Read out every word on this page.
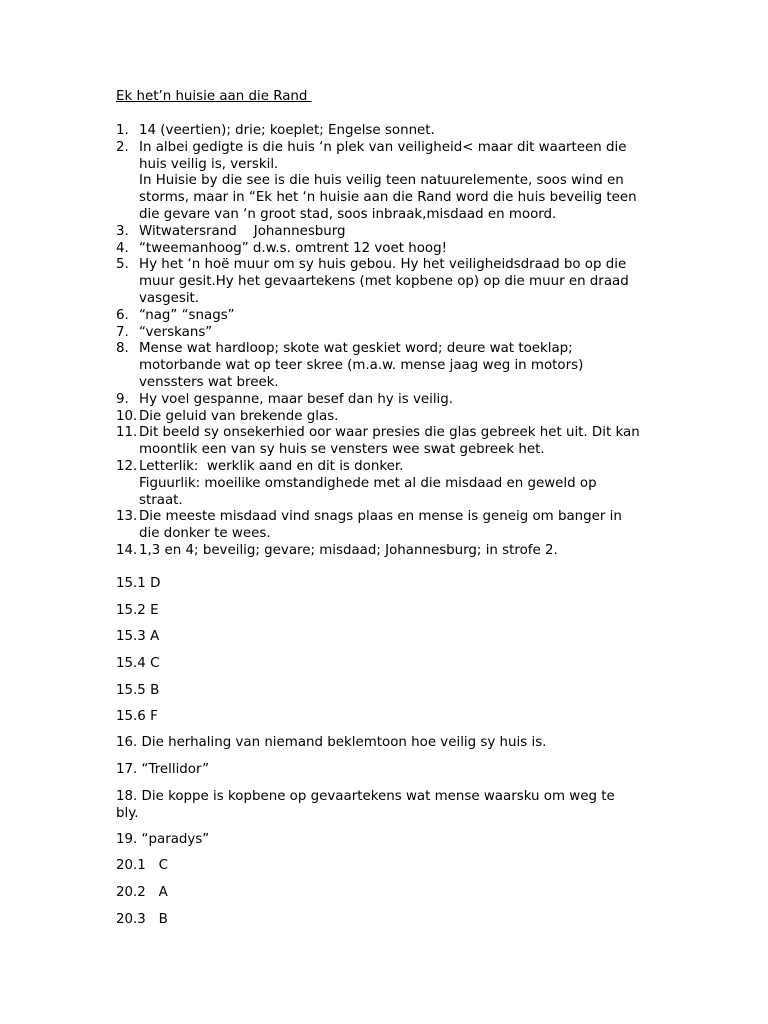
Ek het’n huisie aan die Rand
1. 14 (veertien); drie; koeplet; Engelse sonnet.
2. In albei gedigte is die huis ‘n plek van veiligheid< maar dit waarteen die
huis veilig is, verskil.
In Huisie by die see is die huis veilig teen natuurelemente, soos wind en
storms, maar in “Ek het ‘n huisie aan die Rand word die huis beveilig teen
die gevare van ‘n groot stad, soos inbraak,misdaad en moord.
3. Witwatersrand    Johannesburg
4. “tweemanhoog” d.w.s. omtrent 12 voet hoog!
5. Hy het ‘n hoë muur om sy huis gebou. Hy het veiligheidsdraad bo op die
muur gesit.Hy het gevaartekens (met kopbene op) op die muur en draad
vasgesit.
6. “nag” “snags”
7. “verskans”
8. Mense wat hardloop; skote wat geskiet word; deure wat toeklap;
motorbande wat op teer skree (m.a.w. mense jaag weg in motors)
venssters wat breek.
9. Hy voel gespanne, maar besef dan hy is veilig.
10. Die geluid van brekende glas.
11. Dit beeld sy onsekerhied oor waar presies die glas gebreek het uit. Dit kan
moontlik een van sy huis se vensters wee swat gebreek het.
12. Letterlik:  werklik aand en dit is donker.
Figuurlik: moeilike omstandighede met al die misdaad en geweld op
straat.
13. Die meeste misdaad vind snags plaas en mense is geneig om banger in
die donker te wees.
14. 1,3 en 4; beveilig; gevare; misdaad; Johannesburg; in strofe 2.
15.1 D
15.2 E
15.3 A
15.4 C
15.5 B
15.6 F
16. Die herhaling van niemand beklemtoon hoe veilig sy huis is.
17. “Trellidor”
18. Die koppe is kopbene op gevaartekens wat mense waarsku om weg te
bly.
19. “paradys”
20.1   C
20.2   A
20.3   B
